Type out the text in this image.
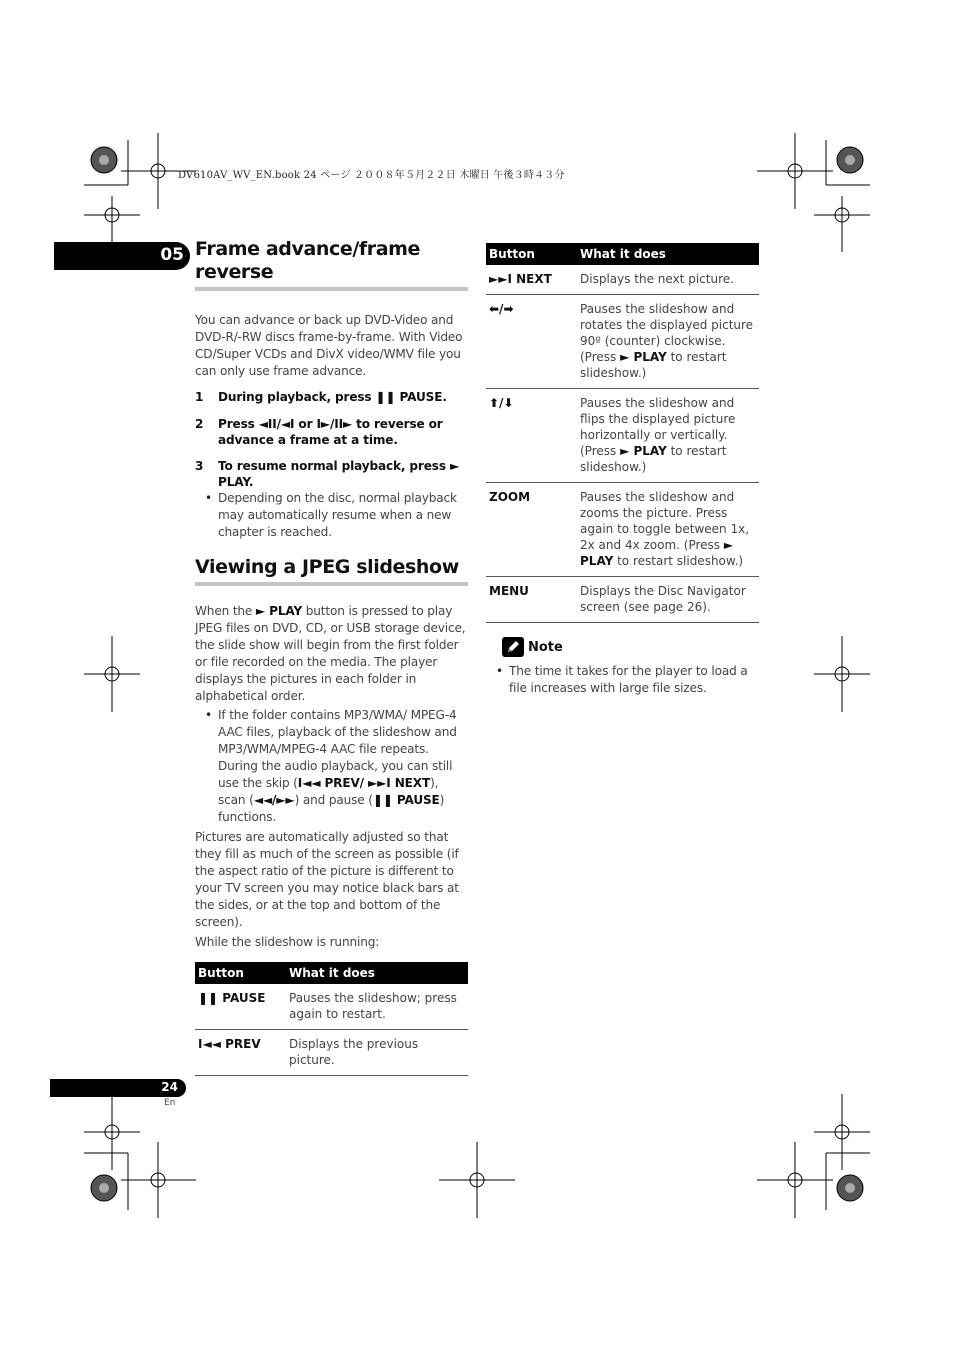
DV610AV_WV_EN.book 24 ページ ２００８年５月２２日 木曜日 午後３時４３分
05 Frame advance/frame reverse

You can advance or back up DVD-Video and DVD-R/-RW discs frame-by-frame. With Video CD/Super VCDs and DivX video/WMV file you can only use frame advance.

1 During playback, press ❚❚ PAUSE.
2 Press ◄II/◄I or I►/II► to reverse or advance a frame at a time.
3 To resume normal playback, press ► PLAY.
• Depending on the disc, normal playback may automatically resume when a new chapter is reached.
Viewing a JPEG slideshow

When the ► PLAY button is pressed to play JPEG files on DVD, CD, or USB storage device, the slide show will begin from the first folder or file recorded on the media. The player displays the pictures in each folder in alphabetical order.

• If the folder contains MP3/WMA/ MPEG-4 AAC files, playback of the slideshow and MP3/WMA/MPEG-4 AAC file repeats. During the audio playback, you can still use the skip (I◄◄ PREV/ ►►I NEXT), scan (◄◄/►►) and pause (❚❚ PAUSE) functions.

Pictures are automatically adjusted so that they fill as much of the screen as possible (if the aspect ratio of the picture is different to your TV screen you may notice black bars at the sides, or at the top and bottom of the screen).

While the slideshow is running:

Button	What it does
❚❚ PAUSE	Pauses the slideshow; press again to restart.
I◄◄ PREV	Displays the previous picture.
Button	What it does
►►I NEXT	Displays the next picture.
⬅/➡	Pauses the slideshow and rotates the displayed picture 90º (counter) clockwise. (Press ► PLAY to restart slideshow.)
⬆/⬇	Pauses the slideshow and flips the displayed picture horizontally or vertically. (Press ► PLAY to restart slideshow.)
ZOOM	Pauses the slideshow and zooms the picture. Press again to toggle between 1x, 2x and 4x zoom. (Press ► PLAY to restart slideshow.)
MENU	Displays the Disc Navigator screen (see page 26).
Note
• The time it takes for the player to load a file increases with large file sizes.
24
En
